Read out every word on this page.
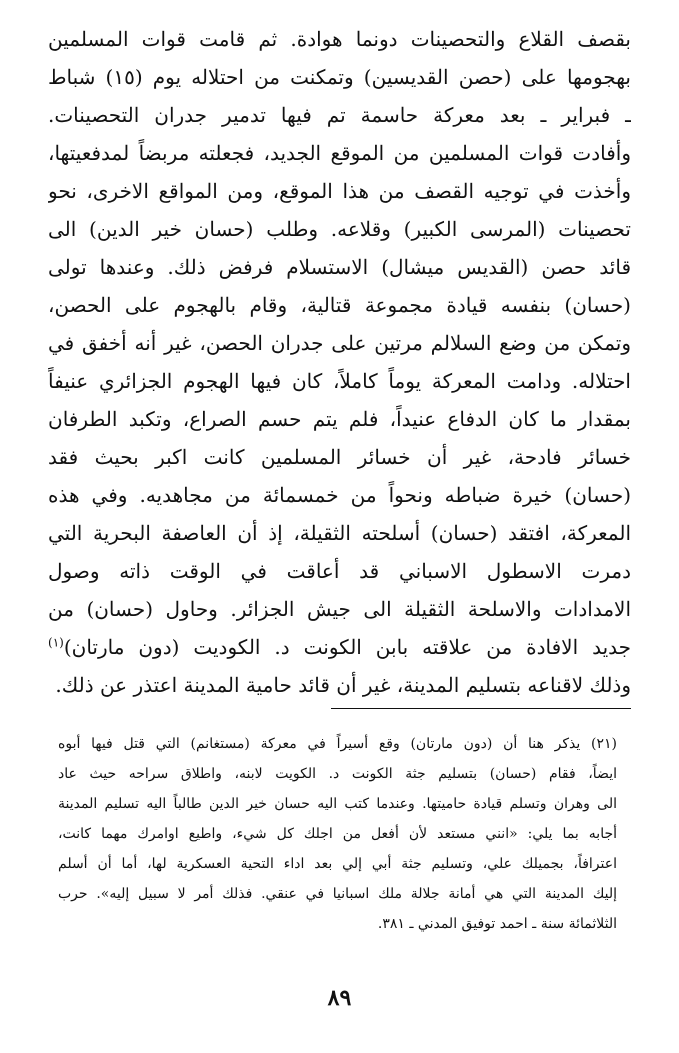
بقصف القلاع والتحصينات دونما هوادة. ثم قامت قوات المسلمين
بهجومها على (حصن القديسين) وتمكنت من احتلاله يوم (١٥) شباط
ـ فبراير ـ بعد معركة حاسمة تم فيها تدمير جدران التحصينات.
وأفادت قوات المسلمين من الموقع الجديد، فجعلته مربضاً لمدفعيتها،
وأخذت في توجيه القصف من هذا الموقع، ومن المواقع الاخرى، نحو
تحصينات (المرسى الكبير) وقلاعه. وطلب (حسان خير الدين) الى
قائد حصن (القديس ميشال) الاستسلام فرفض ذلك. وعندها تولى
(حسان) بنفسه قيادة مجموعة قتالية، وقام بالهجوم على الحصن،
وتمكن من وضع السلالم مرتين على جدران الحصن، غير أنه أخفق في
احتلاله. ودامت المعركة يوماً كاملاً، كان فيها الهجوم الجزائري عنيفاً
بمقدار ما كان الدفاع عنيداً، فلم يتم حسم الصراع، وتكبد الطرفان
خسائر فادحة، غير أن خسائر المسلمين كانت اكبر بحيث فقد
(حسان) خيرة ضباطه ونحواً من خمسمائة من مجاهديه. وفي هذه
المعركة، افتقد (حسان) أسلحته الثقيلة، إذ أن العاصفة البحرية التي
دمرت الاسطول الاسباني قد أعاقت في الوقت ذاته وصول
الامدادات والاسلحة الثقيلة الى جيش الجزائر. وحاول (حسان) من
جديد الافادة من علاقته بابن الكونت د. الكوديت (دون مارتان)$^{(١)}$
وذلك لاقناعه بتسليم المدينة، غير أن قائد حامية المدينة اعتذر عن ذلك.
(٢١) يذكر هنا أن (دون مارتان) وقع أسيراً في معركة (مستغانم) التي قتل فيها أبوه
ايضاً، فقام (حسان) بتسليم جثة الكونت د. الكويت لابنه، واطلاق سراحه حيث عاد
الى وهران وتسلم قيادة حاميتها. وعندما كتب اليه حسان خير الدين طالباً اليه تسليم المدينة
أجابه بما يلي: «انني مستعد لأن أفعل من اجلك كل شيء، واطيع اوامرك مهما كانت،
اعترافاً، بجميلك علي، وتسليم جثة أبي إلي بعد اداء التحية العسكرية لها، أما أن أسلم
إليك المدينة التي هي أمانة جلالة ملك اسبانيا في عنقي. فذلك أمر لا سبيل إليه». حرب
الثلاثمائة سنة ـ احمد توفيق المدني ـ ٣٨١.
٨٩
